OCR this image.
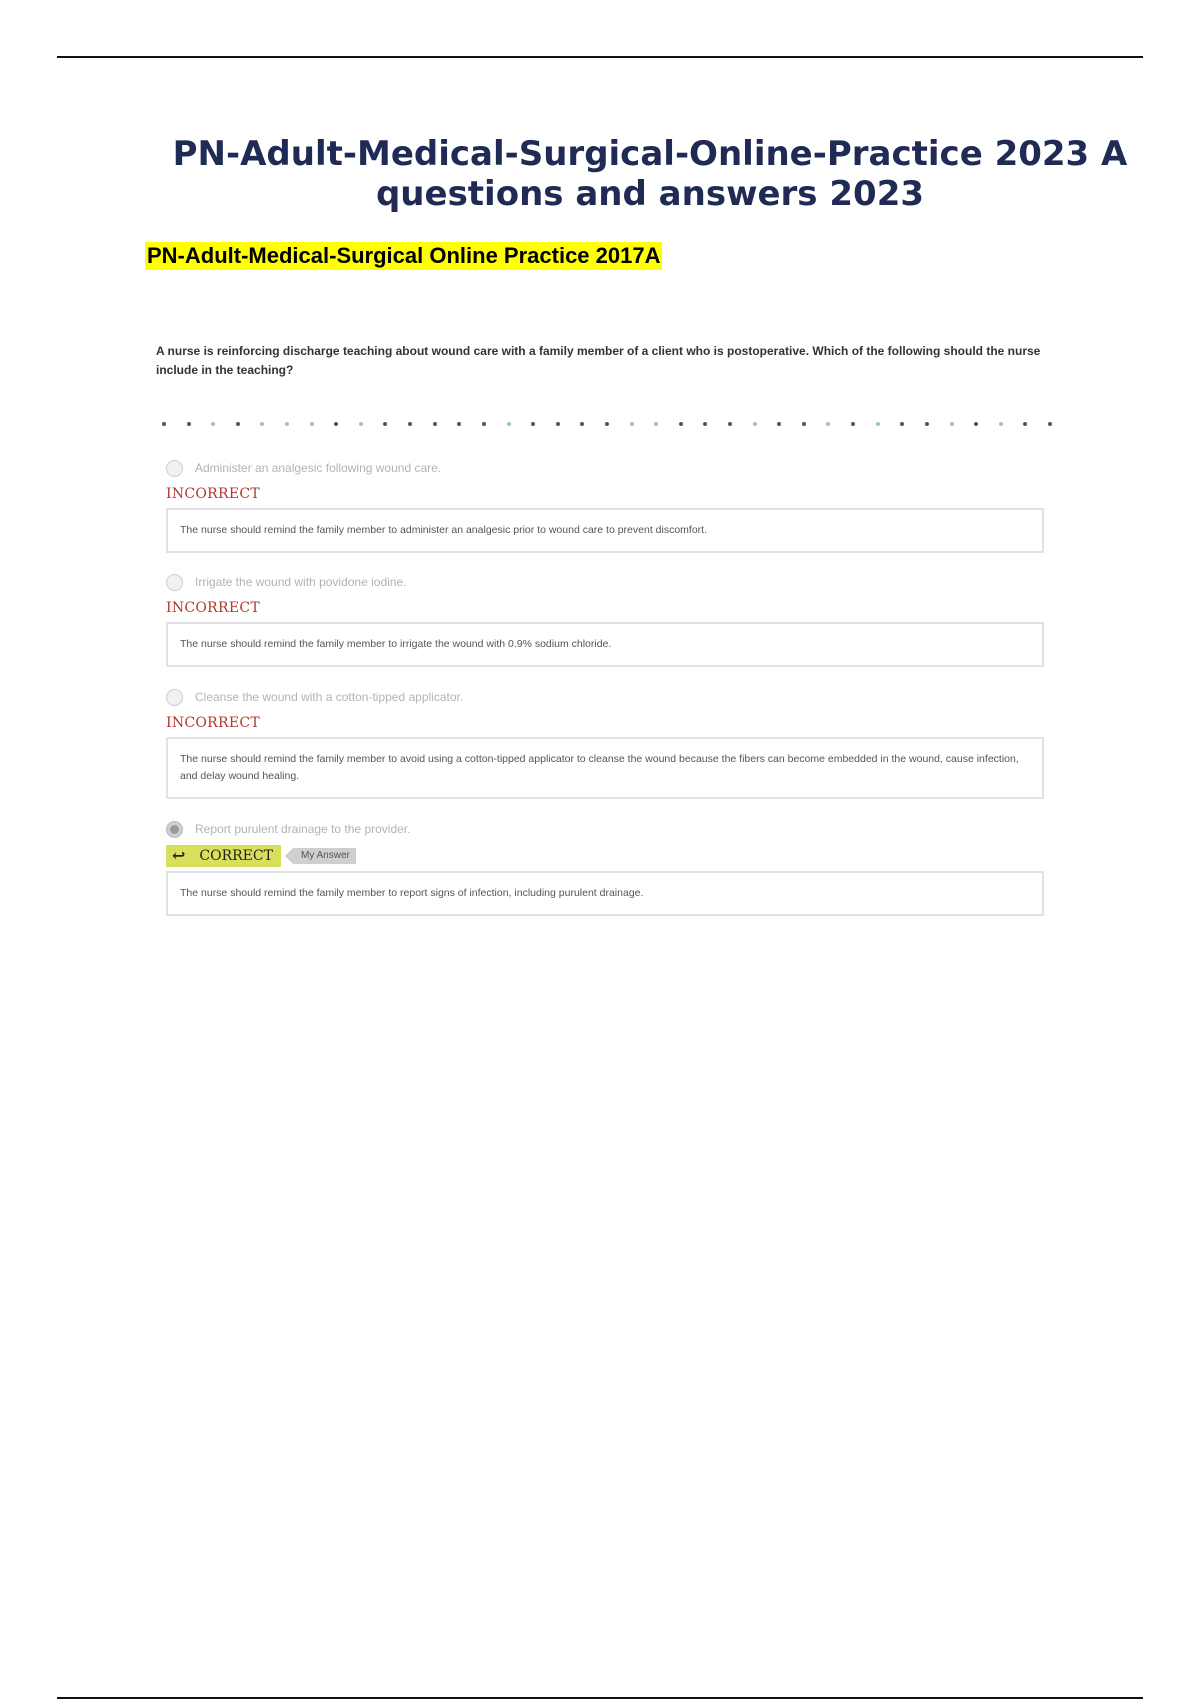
PN-Adult-Medical-Surgical-Online-Practice 2023 A
questions and answers 2023
PN-Adult-Medical-Surgical Online Practice 2017A
A nurse is reinforcing discharge teaching about wound care with a family member of a client who is postoperative. Which of the following should the nurse include in the teaching?
Administer an analgesic following wound care.
INCORRECT
The nurse should remind the family member to administer an analgesic prior to wound care to prevent discomfort.
Irrigate the wound with povidone iodine.
INCORRECT
The nurse should remind the family member to irrigate the wound with 0.9% sodium chloride.
Cleanse the wound with a cotton-tipped applicator.
INCORRECT
The nurse should remind the family member to avoid using a cotton-tipped applicator to cleanse the wound because the fibers can become embedded in the wound, cause infection, and delay wound healing.
Report purulent drainage to the provider.
↩ CORRECT	My Answer
The nurse should remind the family member to report signs of infection, including purulent drainage.
